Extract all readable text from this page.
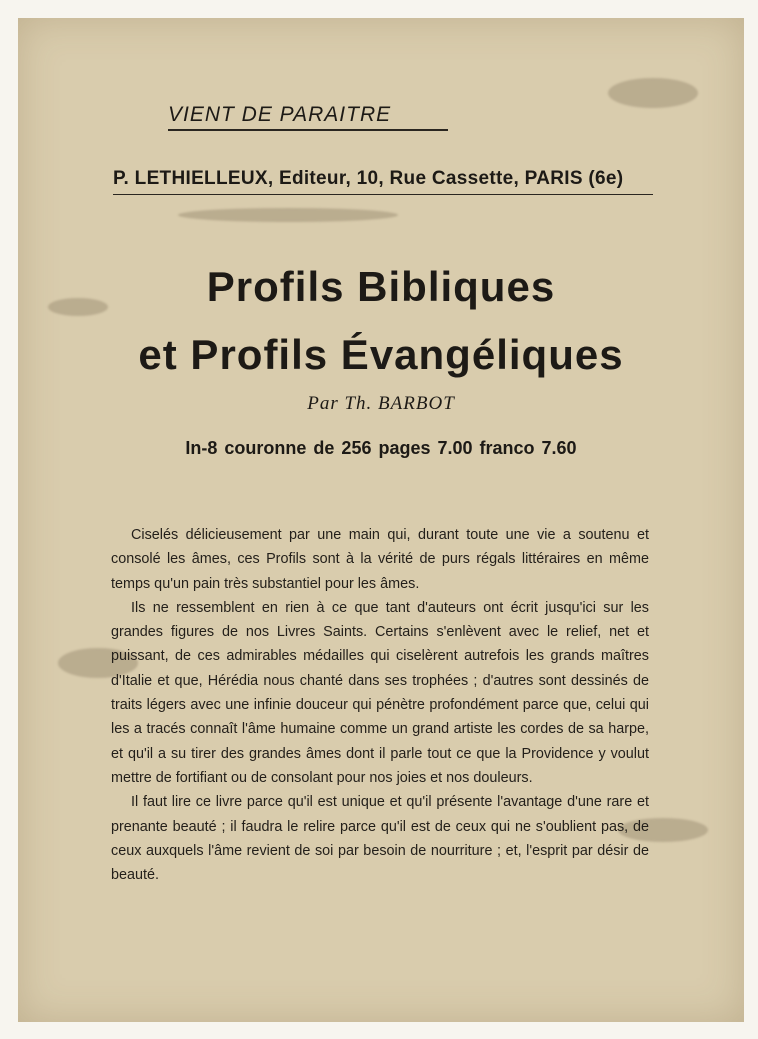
VIENT DE PARAITRE
P. LETHIELLEUX, Editeur, 10, Rue Cassette, PARIS (6e)
Profils Bibliques
et Profils Évangéliques
Par Th. BARBOT
In-8 couronne de 256 pages 7.00 franco 7.60

Ciselés délicieusement par une main qui, durant toute une vie a soutenu et consolé les âmes, ces Profils sont à la vérité de purs régals littéraires en même temps qu'un pain très substantiel pour les âmes.

Ils ne ressemblent en rien à ce que tant d'auteurs ont écrit jusqu'ici sur les grandes figures de nos Livres Saints. Certains s'enlèvent avec le relief, net et puissant, de ces admirables médailles qui ciselèrent autrefois les grands maîtres d'Italie et que, Hérédia nous chanté dans ses trophées ; d'autres sont dessinés de traits légers avec une infinie douceur qui pénètre profondément parce que, celui qui les a tracés connaît l'âme humaine comme un grand artiste les cordes de sa harpe, et qu'il a su tirer des grandes âmes dont il parle tout ce que la Providence y voulut mettre de fortifiant ou de consolant pour nos joies et nos douleurs.

Il faut lire ce livre parce qu'il est unique et qu'il présente l'avantage d'une rare et prenante beauté ; il faudra le relire parce qu'il est de ceux qui ne s'oublient pas, de ceux auxquels l'âme revient de soi par besoin de nourriture ; et, l'esprit par désir de beauté.
